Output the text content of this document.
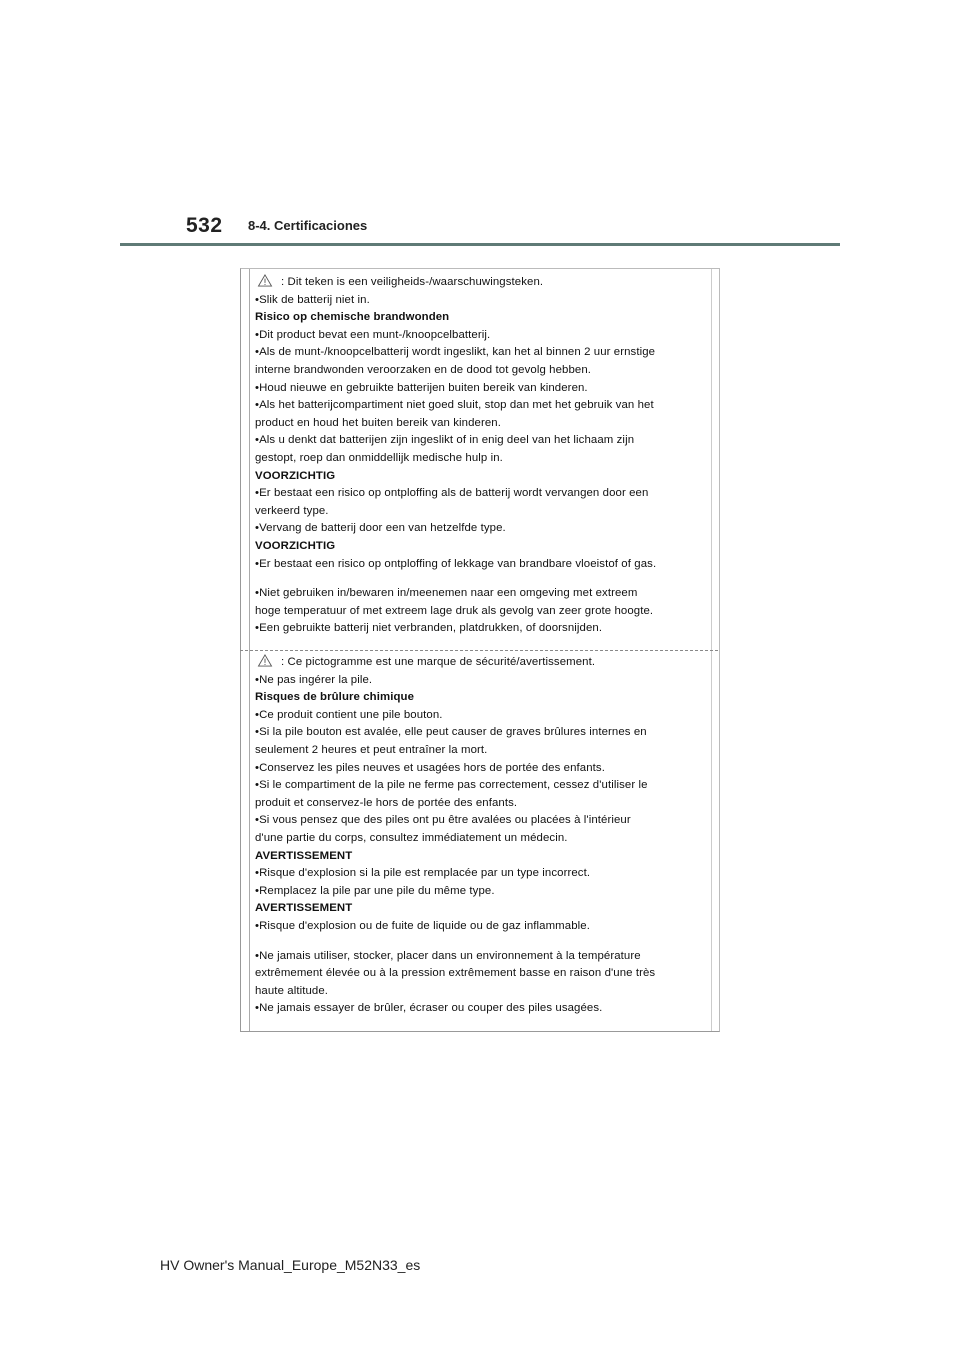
532 8-4. Certificaciones
: Dit teken is een veiligheids-/waarschuwingsteken.
•Slik de batterij niet in.
Risico op chemische brandwonden
•Dit product bevat een munt-/knoopcelbatterij.
•Als de munt-/knoopcelbatterij wordt ingeslikt, kan het al binnen 2 uur ernstige
interne brandwonden veroorzaken en de dood tot gevolg hebben.
•Houd nieuwe en gebruikte batterijen buiten bereik van kinderen.
•Als het batterijcompartiment niet goed sluit, stop dan met het gebruik van het
product en houd het buiten bereik van kinderen.
•Als u denkt dat batterijen zijn ingeslikt of in enig deel van het lichaam zijn
gestopt, roep dan onmiddellijk medische hulp in.
VOORZICHTIG
•Er bestaat een risico op ontploffing als de batterij wordt vervangen door een
verkeerd type.
•Vervang de batterij door een van hetzelfde type.
VOORZICHTIG
•Er bestaat een risico op ontploffing of lekkage van brandbare vloeistof of gas.
•Niet gebruiken in/bewaren in/meenemen naar een omgeving met extreem
hoge temperatuur of met extreem lage druk als gevolg van zeer grote hoogte.
•Een gebruikte batterij niet verbranden, platdrukken, of doorsnijden.
: Ce pictogramme est une marque de sécurité/avertissement.
•Ne pas ingérer la pile.
Risques de brûlure chimique
•Ce produit contient une pile bouton.
•Si la pile bouton est avalée, elle peut causer de graves brûlures internes en
seulement 2 heures et peut entraîner la mort.
•Conservez les piles neuves et usagées hors de portée des enfants.
•Si le compartiment de la pile ne ferme pas correctement, cessez d'utiliser le
produit et conservez-le hors de portée des enfants.
•Si vous pensez que des piles ont pu être avalées ou placées à l'intérieur
d'une partie du corps, consultez immédiatement un médecin.
AVERTISSEMENT
•Risque d'explosion si la pile est remplacée par un type incorrect.
•Remplacez la pile par une pile du même type.
AVERTISSEMENT
•Risque d'explosion ou de fuite de liquide ou de gaz inflammable.
•Ne jamais utiliser, stocker, placer dans un environnement à la température
extrêmement élevée ou à la pression extrêmement basse en raison d'une très
haute altitude.
•Ne jamais essayer de brûler, écraser ou couper des piles usagées.
HV Owner's Manual_Europe_M52N33_es
